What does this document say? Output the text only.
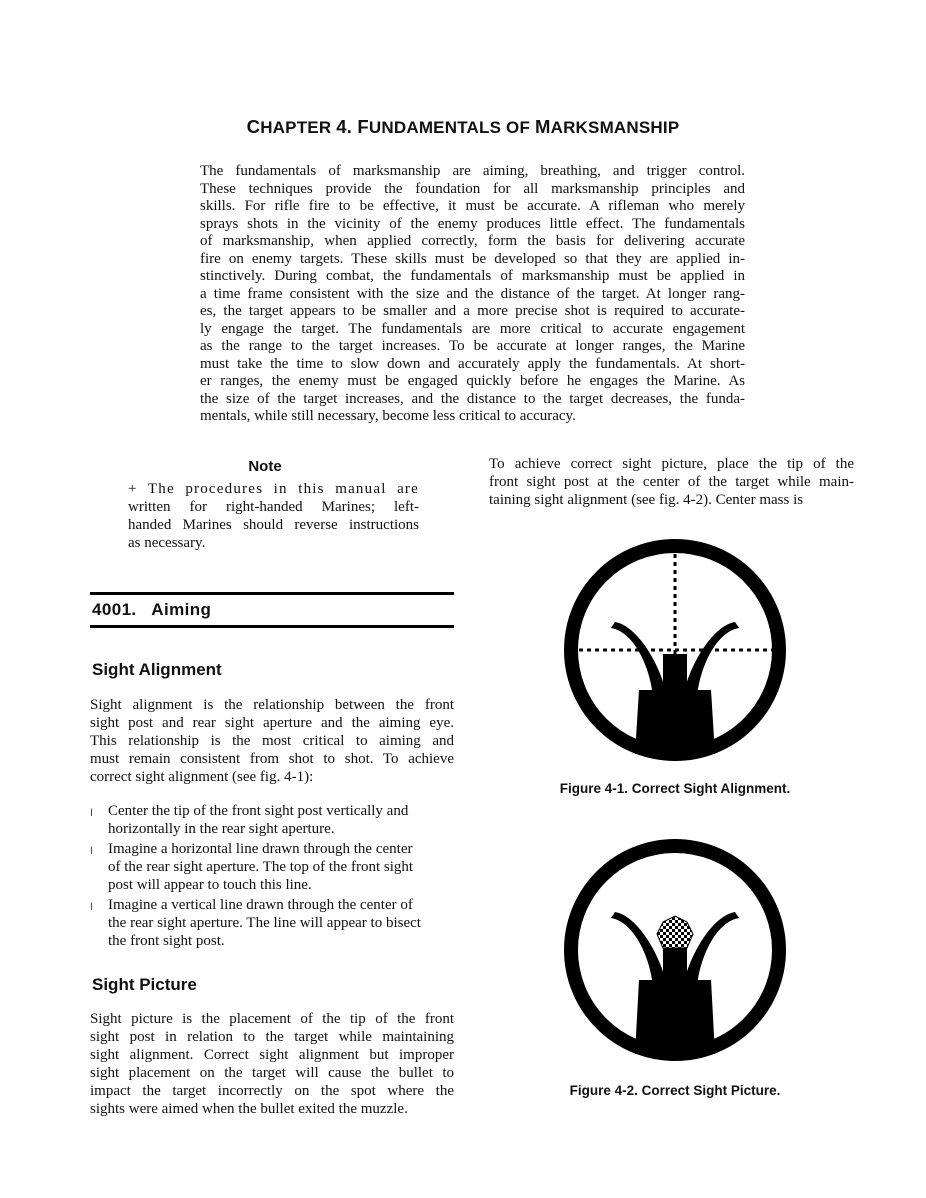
CHAPTER 4. FUNDAMENTALS OF MARKSMANSHIP
The fundamentals of marksmanship are aiming, breathing, and trigger control.
These techniques provide the foundation for all marksmanship principles and
skills. For rifle fire to be effective, it must be accurate. A rifleman who merely
sprays shots in the vicinity of the enemy produces little effect. The fundamentals
of marksmanship, when applied correctly, form the basis for delivering accurate
fire on enemy targets. These skills must be developed so that they are applied in-
stinctively. During combat, the fundamentals of marksmanship must be applied in
a time frame consistent with the size and the distance of the target. At longer rang-
es, the target appears to be smaller and a more precise shot is required to accurate-
ly engage the target. The fundamentals are more critical to accurate engagement
as the range to the target increases. To be accurate at longer ranges, the Marine
must take the time to slow down and accurately apply the fundamentals. At short-
er ranges, the enemy must be engaged quickly before he engages the Marine. As
the size of the target increases, and the distance to the target decreases, the funda-
mentals, while still necessary, become less critical to accuracy.
Note
+ The procedures in this manual are
written for right-handed Marines; left-
handed Marines should reverse instructions
as necessary.
4001.   Aiming
Sight Alignment
Sight alignment is the relationship between the front
sight post and rear sight aperture and the aiming eye.
This relationship is the most critical to aiming and
must remain consistent from shot to shot. To achieve
correct sight alignment (see fig. 4-1):
l Center the tip of the front sight post vertically and
horizontally in the rear sight aperture.
l Imagine a horizontal line drawn through the center
of the rear sight aperture. The top of the front sight
post will appear to touch this line.
l Imagine a vertical line drawn through the center of
the rear sight aperture. The line will appear to bisect
the front sight post.
Sight Picture
Sight picture is the placement of the tip of the front
sight post in relation to the target while maintaining
sight alignment. Correct sight alignment but improper
sight placement on the target will cause the bullet to
impact the target incorrectly on the spot where the
sights were aimed when the bullet exited the muzzle.
To achieve correct sight picture, place the tip of the
front sight post at the center of the target while main-
taining sight alignment (see fig. 4-2). Center mass is
Figure 4-1. Correct Sight Alignment.
Figure 4-2. Correct Sight Picture.
